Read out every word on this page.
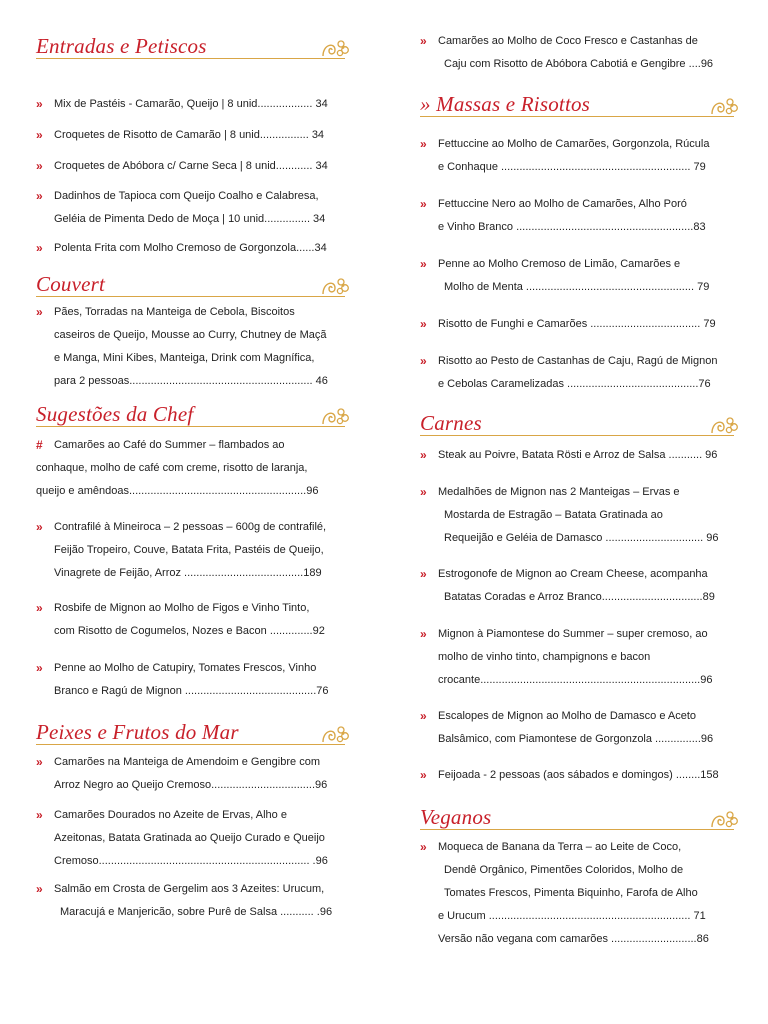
Entradas e Petiscos
»	Mix de Pastéis - Camarão, Queijo | 8 unid.................. 34
»	Croquetes de Risotto de Camarão | 8 unid................ 34
»	Croquetes de Abóbora c/ Carne Seca | 8 unid............ 34
»	Dadinhos de Tapioca com Queijo Coalho e Calabresa,
Geléia de Pimenta Dedo de Moça | 10 unid............... 34
»	Polenta Frita com Molho Cremoso de Gorgonzola......34
Couvert
»	Pães, Torradas na Manteiga de Cebola, Biscoitos
caseiros de Queijo, Mousse ao Curry, Chutney de Maçã
e Manga, Mini Kibes, Manteiga, Drink com Magnífica,
para 2 pessoas............................................................ 46
Sugestões da Chef
#	Camarões ao Café do Summer – flambados ao
conhaque, molho de café com creme, risotto de laranja,
queijo e amêndoas..........................................................96
»	Contrafilé à Mineiroca – 2 pessoas – 600g de contrafilé,
Feijão Tropeiro, Couve, Batata Frita, Pastéis de Queijo,
Vinagrete de Feijão, Arroz .......................................189
»	Rosbife de Mignon ao Molho de Figos e Vinho Tinto,
com Risotto de Cogumelos, Nozes e Bacon ..............92
»	Penne ao Molho de Catupiry, Tomates Frescos, Vinho
Branco e Ragú de Mignon ...........................................76
Peixes e Frutos do Mar
»	Camarões na Manteiga de Amendoim e Gengibre com
Arroz Negro ao Queijo Cremoso..................................96
»	Camarões Dourados no Azeite de Ervas, Alho e
Azeitonas, Batata Gratinada ao Queijo Curado e Queijo
Cremoso..................................................................... .96
»	Salmão em Crosta de Gergelim aos 3 Azeites: Urucum,
Maracujá e Manjericão, sobre Purê de Salsa ........... .96
»	Camarões ao Molho de Coco Fresco e Castanhas de
Caju com Risotto de Abóbora Cabotiá e Gengibre ....96
» Massas e Risottos
»	Fettuccine ao Molho de Camarões, Gorgonzola, Rúcula
e Conhaque .............................................................. 79
»	Fettuccine Nero ao Molho de Camarões, Alho Poró
e Vinho Branco ..........................................................83
»	Penne ao Molho Cremoso de Limão, Camarões e
Molho de Menta ....................................................... 79
»	Risotto de Funghi e Camarões .................................... 79
»	Risotto ao Pesto de Castanhas de Caju, Ragú de Mignon
e Cebolas Caramelizadas ...........................................76
Carnes
»	Steak au Poivre, Batata Rösti e Arroz de Salsa ........... 96
»	Medalhões de Mignon nas 2 Manteigas – Ervas e
Mostarda de Estragão – Batata Gratinada ao
Requeijão e Geléia de Damasco ................................ 96
»	Estrogonofe de Mignon ao Cream Cheese, acompanha
Batatas Coradas e Arroz Branco.................................89
»	Mignon à Piamontese do Summer – super cremoso, ao
molho de vinho tinto, champignons e bacon
crocante........................................................................96
»	Escalopes de Mignon ao Molho de Damasco e Aceto
Balsâmico, com Piamontese de Gorgonzola ...............96
»	Feijoada - 2 pessoas (aos sábados e domingos) ........158
Veganos
»	Moqueca de Banana da Terra – ao Leite de Coco,
Dendê Orgânico, Pimentões Coloridos, Molho de
Tomates Frescos, Pimenta Biquinho, Farofa de Alho
e Urucum .................................................................. 71
Versão não vegana com camarões ............................86
